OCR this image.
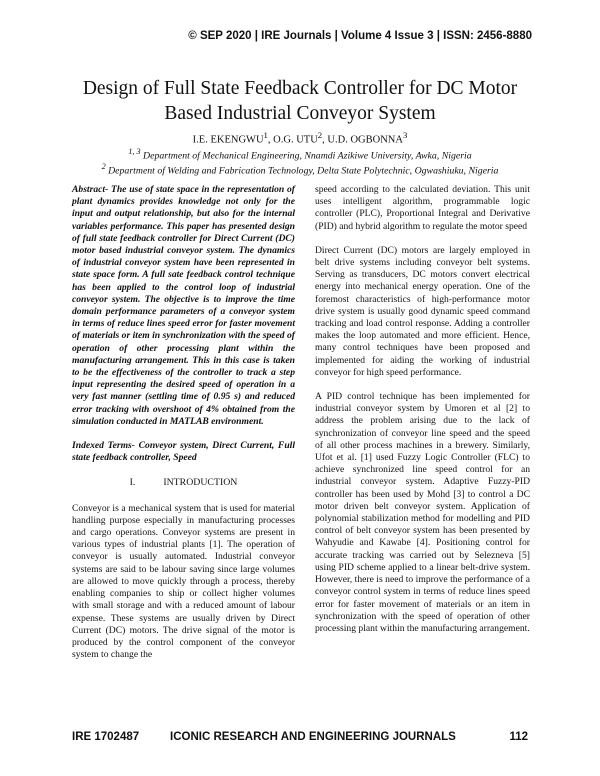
© SEP 2020 | IRE Journals | Volume 4 Issue 3 | ISSN: 2456-8880
Design of Full State Feedback Controller for DC Motor
Based Industrial Conveyor System
I.E. EKENGWU$^1$, O.G. UTU$^2$, U.D. OGBONNA$^3$
$^{1, 3}$ Department of Mechanical Engineering, Nnamdi Azikiwe University, Awka, Nigeria
$^2$ Department of Welding and Fabrication Technology, Delta State Polytechnic, Ogwashiuku, Nigeria

Abstract- The use of state space in the representation of plant dynamics provides knowledge not only for the input and output relationship, but also for the internal variables performance. This paper has presented design of full state feedback controller for Direct Current (DC) motor based industrial conveyor system. The dynamics of industrial conveyor system have been represented in state space form. A full sate feedback control technique has been applied to the control loop of industrial conveyor system. The objective is to improve the time domain performance parameters of a conveyor system in terms of reduce lines speed error for faster movement of materials or item in synchronization with the speed of operation of other processing plant within the manufacturing arrangement. This in this case is taken to be the effectiveness of the controller to track a step input representing the desired speed of operation in a very fast manner (settling time of 0.95 s) and reduced error tracking with overshoot of 4% obtained from the simulation conducted in MATLAB environment.

Indexed Terms- Conveyor system, Direct Current, Full state feedback controller, Speed

I.	INTRODUCTION

Conveyor is a mechanical system that is used for material handling purpose especially in manufacturing processes and cargo operations. Conveyor systems are present in various types of industrial plants [1]. The operation of conveyor is usually automated. Industrial conveyor systems are said to be labour saving since large volumes are allowed to move quickly through a process, thereby enabling companies to ship or collect higher volumes with small storage and with a reduced amount of labour expense. These systems are usually driven by Direct Current (DC) motors. The drive signal of the motor is produced by the control component of the conveyor system to change the

speed according to the calculated deviation. This unit uses intelligent algorithm, programmable logic controller (PLC), Proportional Integral and Derivative (PID) and hybrid algorithm to regulate the motor speed

Direct Current (DC) motors are largely employed in belt drive systems including conveyor belt systems. Serving as transducers, DC motors convert electrical energy into mechanical energy operation. One of the foremost characteristics of high-performance motor drive system is usually good dynamic speed command tracking and load control response. Adding a controller makes the loop automated and more efficient. Hence, many control techniques have been proposed and implemented for aiding the working of industrial conveyor for high speed performance.

A PID control technique has been implemented for industrial conveyor system by Umoren et al [2] to address the problem arising due to the lack of synchronization of conveyor line speed and the speed of all other process machines in a brewery. Similarly, Ufot et al. [1] used Fuzzy Logic Controller (FLC) to achieve synchronized line speed control for an industrial conveyor system. Adaptive Fuzzy-PID controller has been used by Mohd [3] to control a DC motor driven belt conveyor system. Application of polynomial stabilization method for modelling and PID control of belt conveyor system has been presented by Wahyudie and Kawabe [4]. Positioning control for accurate tracking was carried out by Selezneva [5] using PID scheme applied to a linear belt-drive system. However, there is need to improve the performance of a conveyor control system in terms of reduce lines speed error for faster movement of materials or an item in synchronization with the speed of operation of other processing plant within the manufacturing arrangement.

IRE 1702487	ICONIC RESEARCH AND ENGINEERING JOURNALS	112
